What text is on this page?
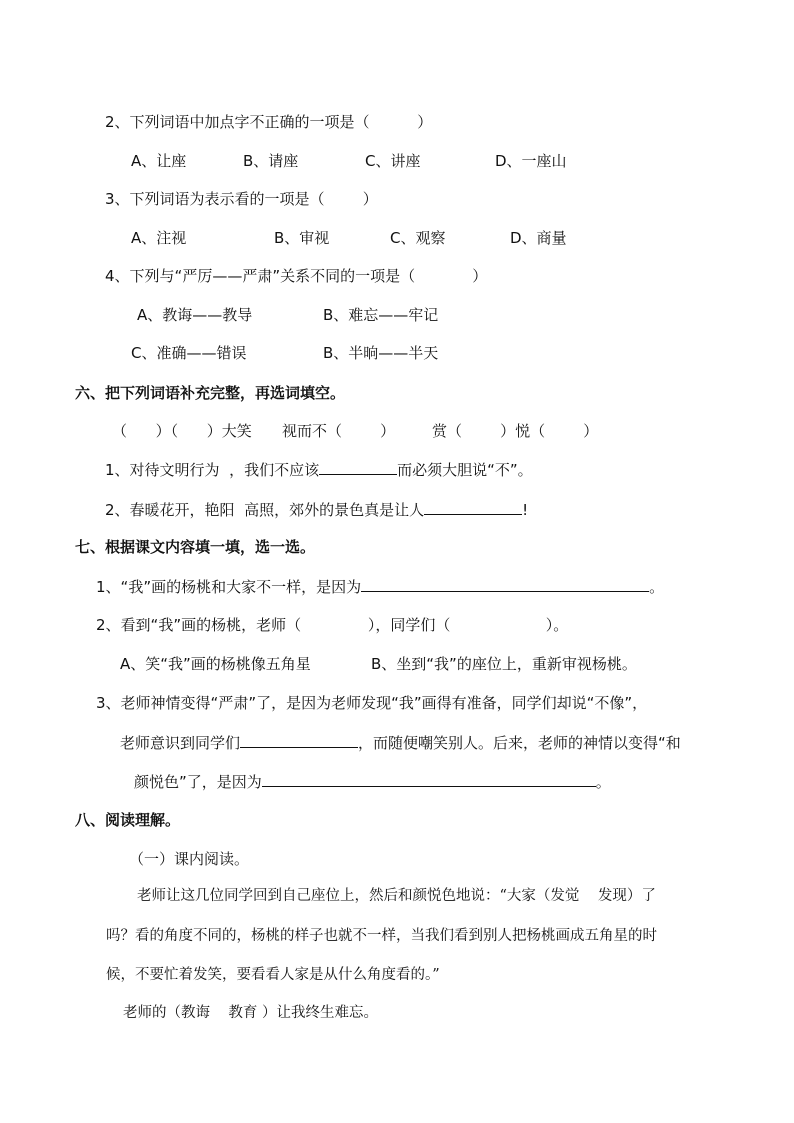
2、下列词语中加点字不正确的一项是（          ）
A、让座	B、请座	C、讲座	D、一座山
3、下列词语为表示看的一项是（        ）
A、注视	B、审视	C、观察	D、商量
4、下列与“严厉——严肃”关系不同的一项是（            ）
A、教诲——教导	B、难忘——牢记
C、准确——错误	B、半晌——半天
六、把下列词语补充完整，再选词填空。
（      ）（      ）大笑 视而不（        ） 赏（        ）悦（        ）
1、对待文明行为  ，我们不应该	而必须大胆说“不”。
2、春暖花开，艳阳  高照，郊外的景色真是让人	!
七、根据课文内容填一填，选一选。
1、“我”画的杨桃和大家不一样，是因为	。
2、看到“我”画的杨桃，老师（              ），同学们（                    ）。
A、笑“我”画的杨桃像五角星	B、坐到“我”的座位上，重新审视杨桃。
3、老师神情变得“严肃”了，是因为老师发现“我”画得有准备，同学们却说“不像”，
老师意识到同学们	，而随便嘲笑别人。后来，老师的神情以变得“和
颜悦色”了，是因为	。
八、阅读理解。
（一）课内阅读。
老师让这几位同学回到自己座位上，然后和颜悦色地说：“大家（发觉    发现）了
吗？看的角度不同的，杨桃的样子也就不一样，当我们看到别人把杨桃画成五角星的时
候，不要忙着发笑，要看看人家是从什么角度看的。”
老师的（教诲    教育 ）让我终生难忘。
